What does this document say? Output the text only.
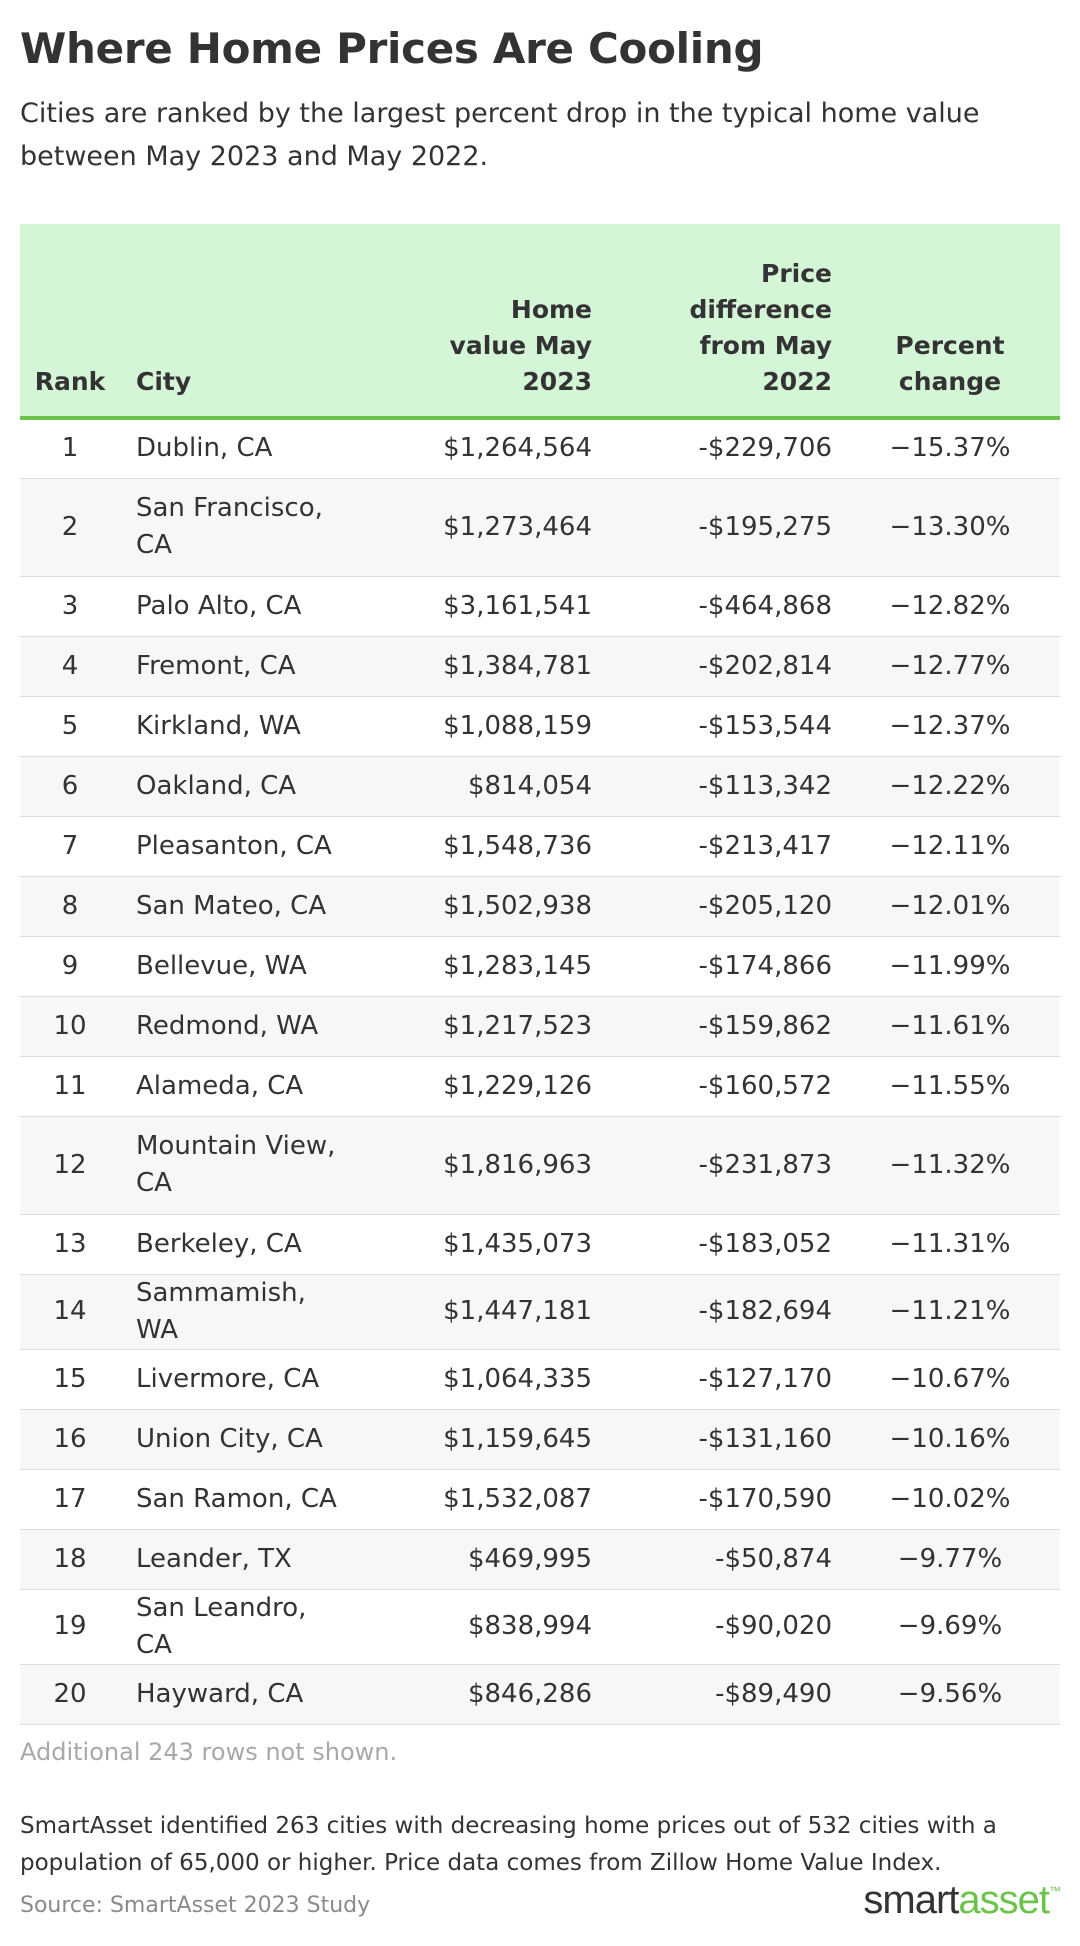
Where Home Prices Are Cooling
Cities are ranked by the largest percent drop in the typical home value between May 2023 and May 2022.
Rank	City	Home value May 2023	Price difference from May 2022	Percent change
1	Dublin, CA	$1,264,564	-$229,706	−15.37%
2	San Francisco, CA	$1,273,464	-$195,275	−13.30%
3	Palo Alto, CA	$3,161,541	-$464,868	−12.82%
4	Fremont, CA	$1,384,781	-$202,814	−12.77%
5	Kirkland, WA	$1,088,159	-$153,544	−12.37%
6	Oakland, CA	$814,054	-$113,342	−12.22%
7	Pleasanton, CA	$1,548,736	-$213,417	−12.11%
8	San Mateo, CA	$1,502,938	-$205,120	−12.01%
9	Bellevue, WA	$1,283,145	-$174,866	−11.99%
10	Redmond, WA	$1,217,523	-$159,862	−11.61%
11	Alameda, CA	$1,229,126	-$160,572	−11.55%
12	Mountain View, CA	$1,816,963	-$231,873	−11.32%
13	Berkeley, CA	$1,435,073	-$183,052	−11.31%
14	Sammamish, WA	$1,447,181	-$182,694	−11.21%
15	Livermore, CA	$1,064,335	-$127,170	−10.67%
16	Union City, CA	$1,159,645	-$131,160	−10.16%
17	San Ramon, CA	$1,532,087	-$170,590	−10.02%
18	Leander, TX	$469,995	-$50,874	−9.77%
19	San Leandro, CA	$838,994	-$90,020	−9.69%
20	Hayward, CA	$846,286	-$89,490	−9.56%
Additional 243 rows not shown.
SmartAsset identified 263 cities with decreasing home prices out of 532 cities with a population of 65,000 or higher. Price data comes from Zillow Home Value Index.
Source: SmartAsset 2023 Study	smartasset™
